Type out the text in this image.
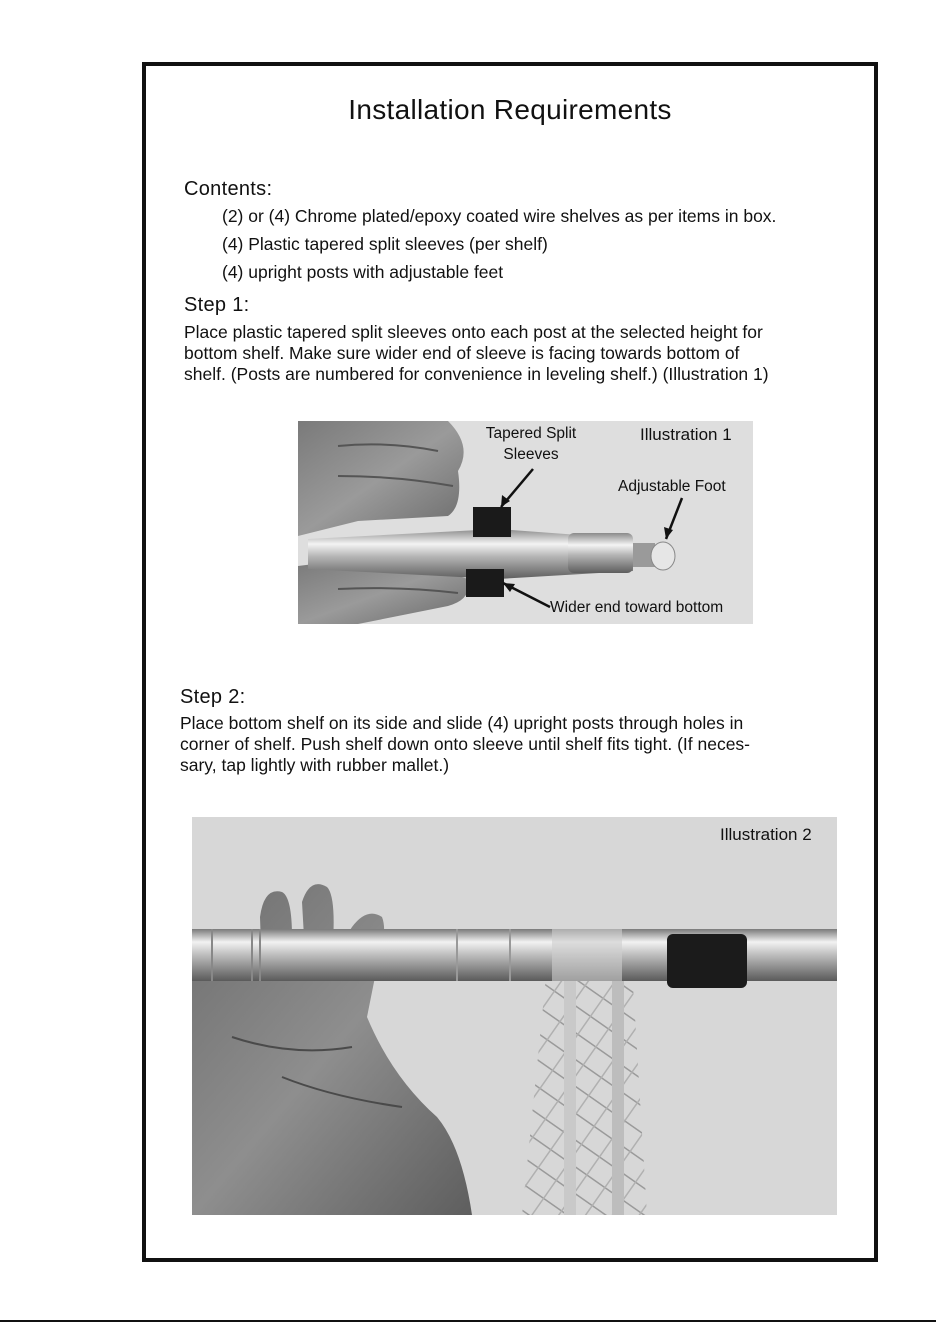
Installation Requirements
Contents:
(2) or (4) Chrome plated/epoxy coated wire shelves as per items in box.
(4) Plastic tapered split sleeves (per shelf)
(4) upright posts with adjustable feet
Step 1:
Place plastic tapered split sleeves onto each post at the selected height for
bottom shelf. Make sure wider end of sleeve is facing towards bottom of
shelf. (Posts are numbered for convenience in leveling shelf.) (Illustration 1)
Illustration 1
Tapered Split
Sleeves
Adjustable Foot
Wider end toward bottom
Step 2:
Place bottom shelf on its side and slide (4) upright posts through holes in
corner of shelf. Push shelf down onto sleeve until shelf fits tight. (If neces-
sary, tap lightly with rubber mallet.)
Illustration 2
